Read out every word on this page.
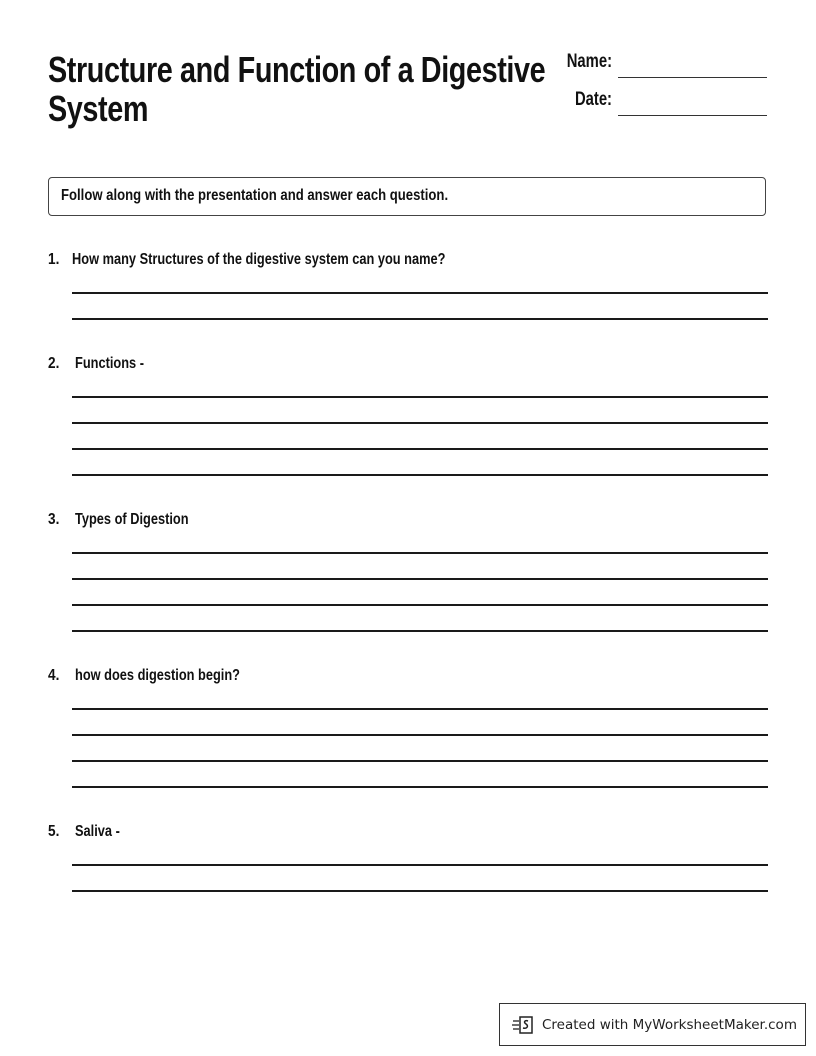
Structure and Function of a Digestive
System
Name:
Date:
Follow along with the presentation and answer each question.
1. How many Structures of the digestive system can you name?
2. Functions -
3. Types of Digestion
4. how does digestion begin?
5. Saliva -
Created with MyWorksheetMaker.com
